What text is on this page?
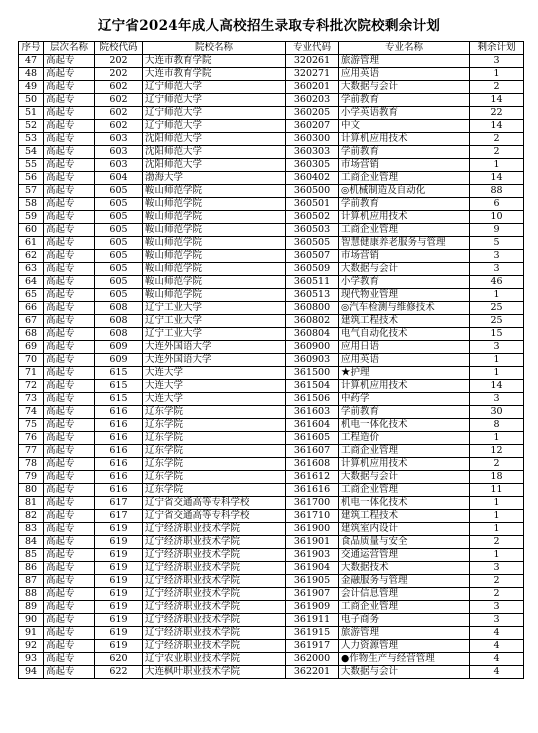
辽宁省2024年成人高校招生录取专科批次院校剩余计划
序号	层次名称	院校代码	院校名称	专业代码	专业名称	剩余计划
47	高起专	202	大连市教育学院	320261	旅游管理	3
48	高起专	202	大连市教育学院	320271	应用英语	1
49	高起专	602	辽宁师范大学	360201	大数据与会计	2
50	高起专	602	辽宁师范大学	360203	学前教育	14
51	高起专	602	辽宁师范大学	360205	小学英语教育	22
52	高起专	602	辽宁师范大学	360207	中文	14
53	高起专	603	沈阳师范大学	360300	计算机应用技术	2
54	高起专	603	沈阳师范大学	360303	学前教育	2
55	高起专	603	沈阳师范大学	360305	市场营销	1
56	高起专	604	渤海大学	360402	工商企业管理	14
57	高起专	605	鞍山师范学院	360500	◎机械制造及自动化	88
58	高起专	605	鞍山师范学院	360501	学前教育	6
59	高起专	605	鞍山师范学院	360502	计算机应用技术	10
60	高起专	605	鞍山师范学院	360503	工商企业管理	9
61	高起专	605	鞍山师范学院	360505	智慧健康养老服务与管理	5
62	高起专	605	鞍山师范学院	360507	市场营销	3
63	高起专	605	鞍山师范学院	360509	大数据与会计	3
64	高起专	605	鞍山师范学院	360511	小学教育	46
65	高起专	605	鞍山师范学院	360513	现代物业管理	1
66	高起专	608	辽宁工业大学	360800	◎汽车检测与维修技术	25
67	高起专	608	辽宁工业大学	360802	建筑工程技术	25
68	高起专	608	辽宁工业大学	360804	电气自动化技术	15
69	高起专	609	大连外国语大学	360900	应用日语	3
70	高起专	609	大连外国语大学	360903	应用英语	1
71	高起专	615	大连大学	361500	★护理	1
72	高起专	615	大连大学	361504	计算机应用技术	14
73	高起专	615	大连大学	361506	中药学	3
74	高起专	616	辽东学院	361603	学前教育	30
75	高起专	616	辽东学院	361604	机电一体化技术	8
76	高起专	616	辽东学院	361605	工程造价	1
77	高起专	616	辽东学院	361607	工商企业管理	12
78	高起专	616	辽东学院	361608	计算机应用技术	2
79	高起专	616	辽东学院	361612	大数据与会计	18
80	高起专	616	辽东学院	361616	工商企业管理	11
81	高起专	617	辽宁省交通高等专科学校	361700	机电一体化技术	1
82	高起专	617	辽宁省交通高等专科学校	361710	建筑工程技术	1
83	高起专	619	辽宁经济职业技术学院	361900	建筑室内设计	1
84	高起专	619	辽宁经济职业技术学院	361901	食品质量与安全	2
85	高起专	619	辽宁经济职业技术学院	361903	交通运营管理	1
86	高起专	619	辽宁经济职业技术学院	361904	大数据技术	3
87	高起专	619	辽宁经济职业技术学院	361905	金融服务与管理	2
88	高起专	619	辽宁经济职业技术学院	361907	会计信息管理	2
89	高起专	619	辽宁经济职业技术学院	361909	工商企业管理	3
90	高起专	619	辽宁经济职业技术学院	361911	电子商务	3
91	高起专	619	辽宁经济职业技术学院	361915	旅游管理	4
92	高起专	619	辽宁经济职业技术学院	361917	人力资源管理	4
93	高起专	620	辽宁农业职业技术学院	362000	●作物生产与经营管理	4
94	高起专	622	大连枫叶职业技术学院	362201	大数据与会计	4
